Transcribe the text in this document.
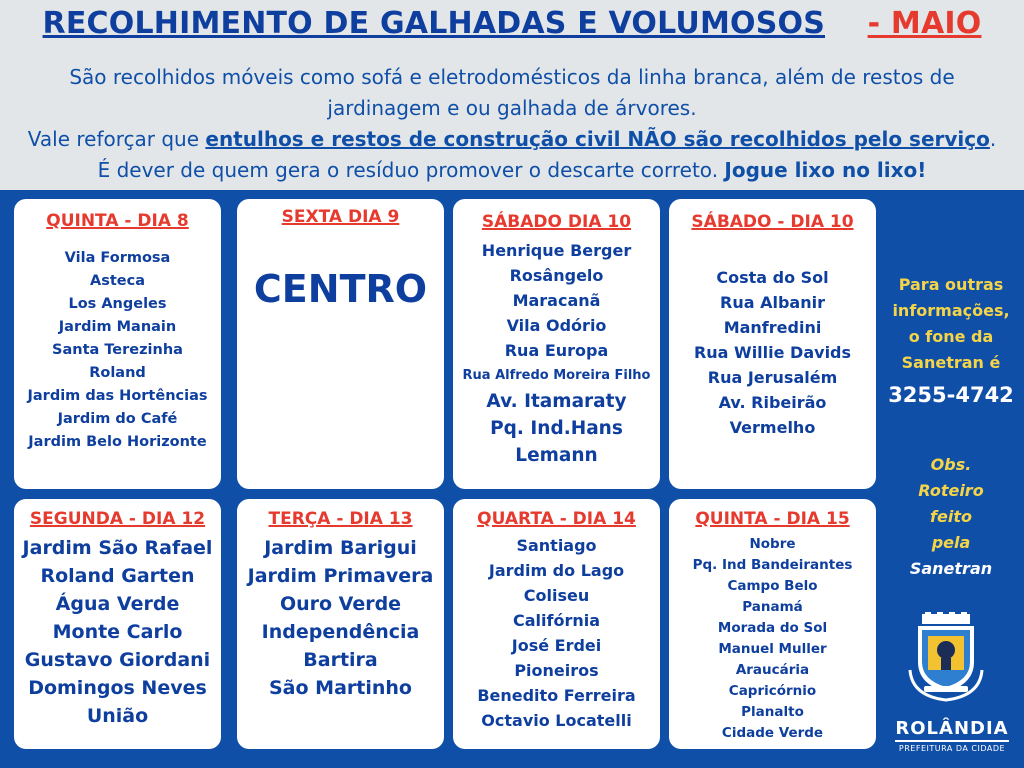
RECOLHIMENTO DE GALHADAS E VOLUMOSOS - MAIO
São recolhidos móveis como sofá e eletrodomésticos da linha branca, além de restos de
jardinagem e ou galhada de árvores.
Vale reforçar que entulhos e restos de construção civil NÃO são recolhidos pelo serviço.
É dever de quem gera o resíduo promover o descarte correto. Jogue lixo no lixo!
QUINTA - DIA 8
Vila Formosa
Asteca
Los Angeles
Jardim Manain
Santa Terezinha
Roland
Jardim das Hortências
Jardim do Café
Jardim Belo Horizonte
SEXTA DIA 9
CENTRO
SÁBADO DIA 10
Henrique Berger
Rosângelo
Maracanã
Vila Odório
Rua Europa
Rua Alfredo Moreira Filho
Av. Itamaraty
Pq. Ind.Hans
Lemann
SÁBADO - DIA 10
Costa do Sol
Rua Albanir
Manfredini
Rua Willie Davids
Rua Jerusalém
Av. Ribeirão
Vermelho
SEGUNDA - DIA 12
Jardim São Rafael
Roland Garten
Água Verde
Monte Carlo
Gustavo Giordani
Domingos Neves
União
TERÇA - DIA 13
Jardim Barigui
Jardim Primavera
Ouro Verde
Independência
Bartira
São Martinho
QUARTA - DIA 14
Santiago
Jardim do Lago
Coliseu
Califórnia
José Erdei
Pioneiros
Benedito Ferreira
Octavio Locatelli
QUINTA - DIA 15
Nobre
Pq. Ind Bandeirantes
Campo Belo
Panamá
Morada do Sol
Manuel Muller
Araucária
Capricórnio
Planalto
Cidade Verde
Para outras
informações,
o fone da
Sanetran é
3255-4742
Obs.
Roteiro
feito
pela
Sanetran
ROLÂNDIA
PREFEITURA DA CIDADE
